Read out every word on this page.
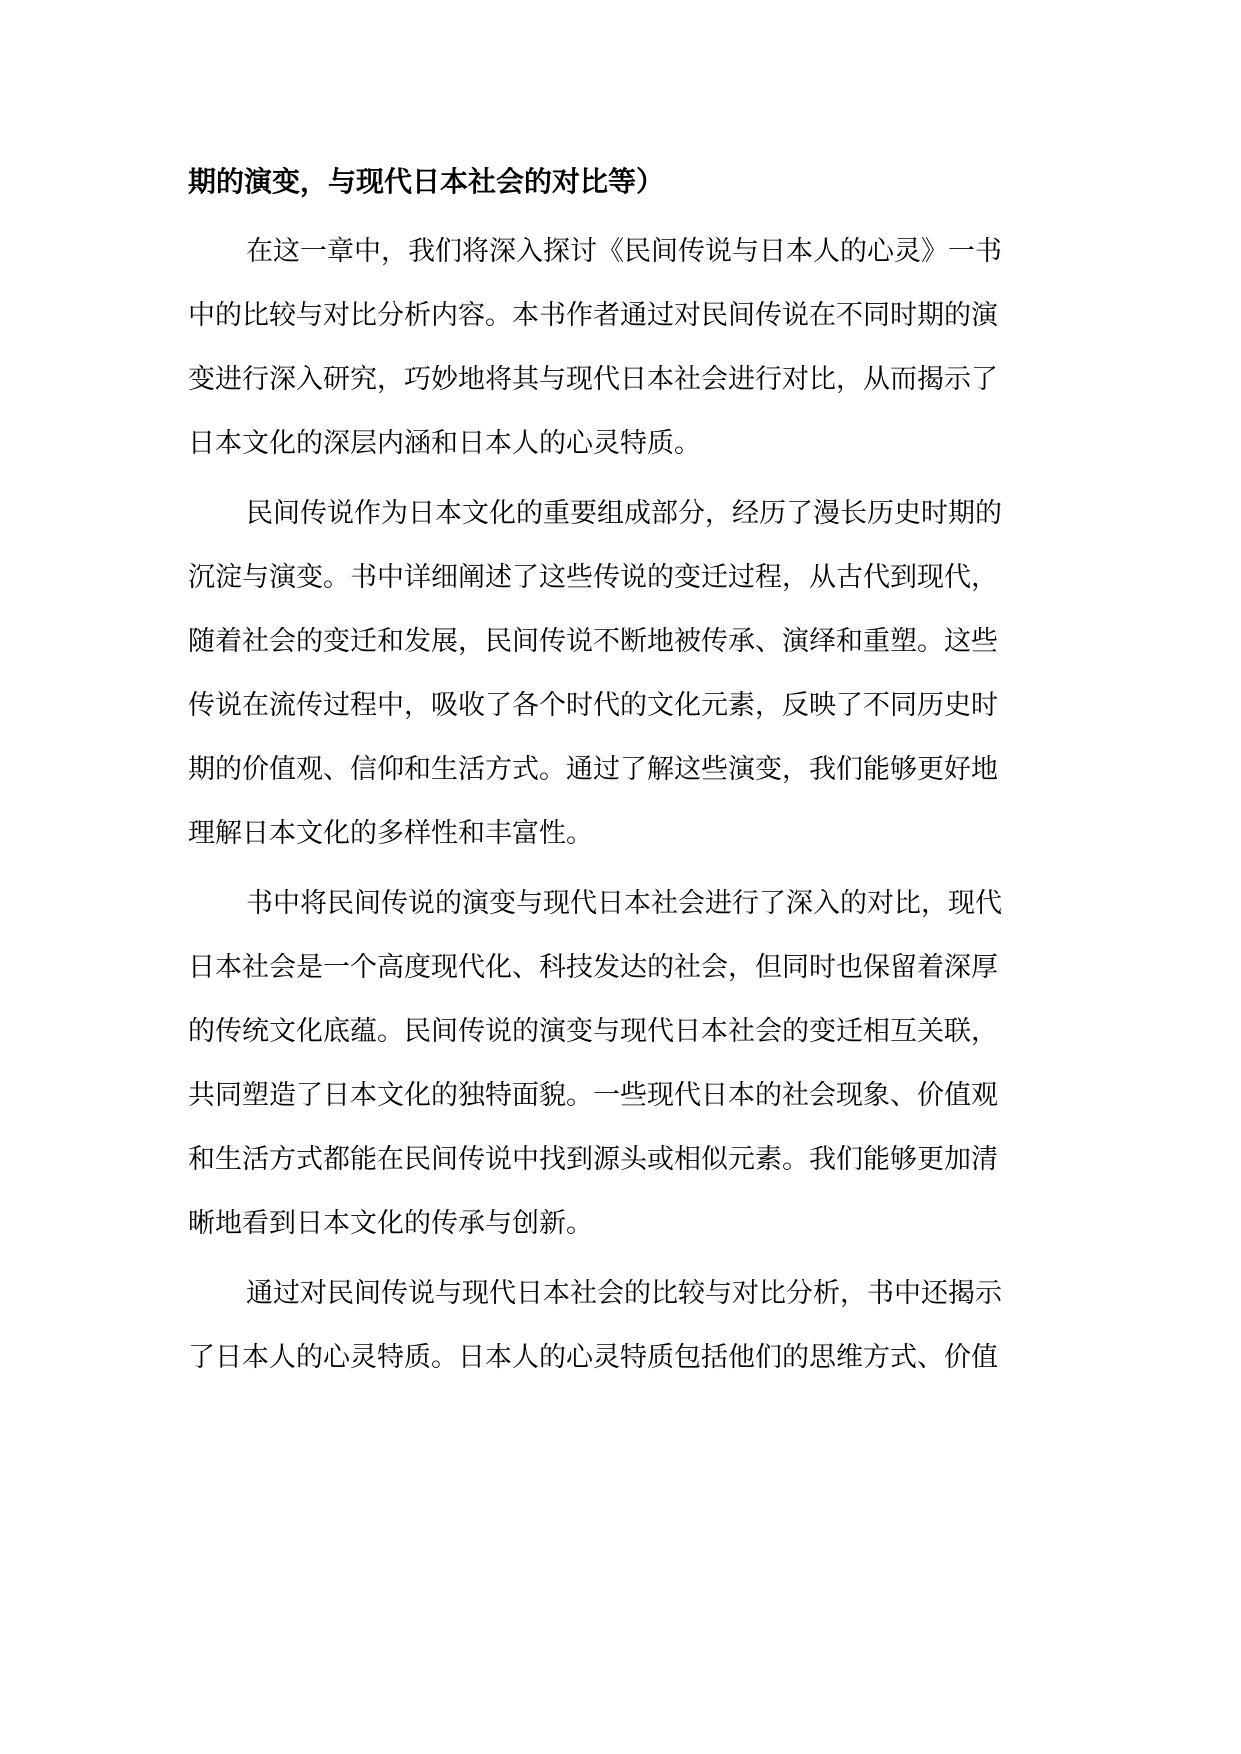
期的演变，与现代日本社会的对比等）
在这一章中，我们将深入探讨《民间传说与日本人的心灵》一书
中的比较与对比分析内容。本书作者通过对民间传说在不同时期的演
变进行深入研究，巧妙地将其与现代日本社会进行对比，从而揭示了
日本文化的深层内涵和日本人的心灵特质。
民间传说作为日本文化的重要组成部分，经历了漫长历史时期的
沉淀与演变。书中详细阐述了这些传说的变迁过程，从古代到现代，
随着社会的变迁和发展，民间传说不断地被传承、演绎和重塑。这些
传说在流传过程中，吸收了各个时代的文化元素，反映了不同历史时
期的价值观、信仰和生活方式。通过了解这些演变，我们能够更好地
理解日本文化的多样性和丰富性。
书中将民间传说的演变与现代日本社会进行了深入的对比，现代
日本社会是一个高度现代化、科技发达的社会，但同时也保留着深厚
的传统文化底蕴。民间传说的演变与现代日本社会的变迁相互关联，
共同塑造了日本文化的独特面貌。一些现代日本的社会现象、价值观
和生活方式都能在民间传说中找到源头或相似元素。我们能够更加清
晰地看到日本文化的传承与创新。
通过对民间传说与现代日本社会的比较与对比分析，书中还揭示
了日本人的心灵特质。日本人的心灵特质包括他们的思维方式、价值
